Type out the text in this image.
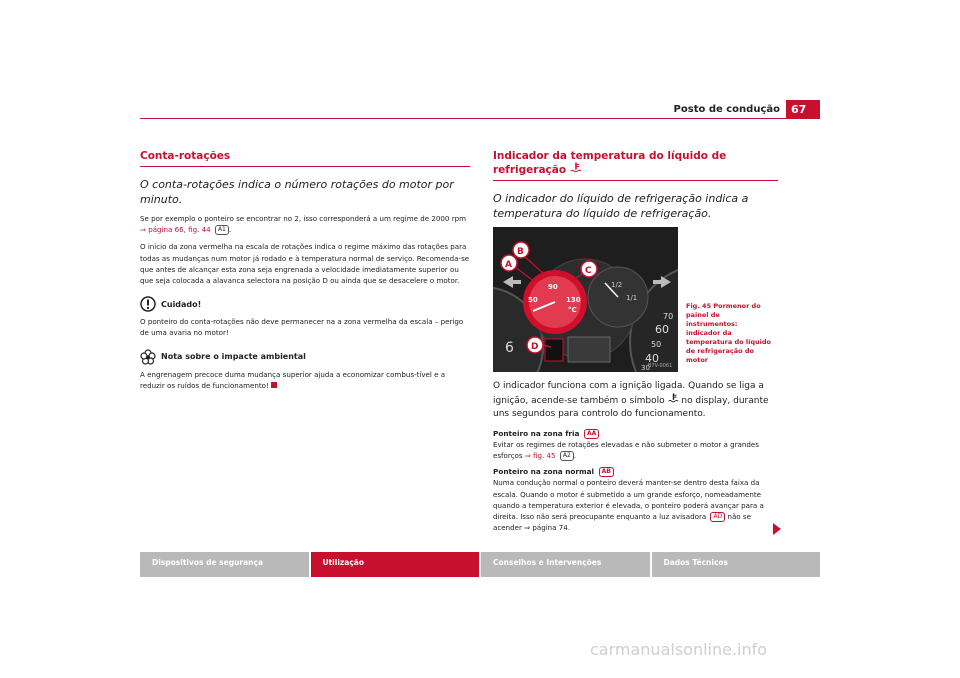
Posto de condução	67
Conta-rotações
O conta-rotações indica o número rotações do motor por minuto.

Se por exemplo o ponteiro se encontrar no 2, isso corresponderá a um regime de 2000 rpm ⇒ página 66, fig. 44 A1 .

O início da zona vermelha na escala de rotações indica o regime máximo das rotações para todas as mudanças num motor já rodado e à temperatura normal de serviço. Recomenda-se que antes de alcançar esta zona seja engrenada a velocidade imediatamente superior ou que seja colocada a alavanca selectora na posição D ou ainda que se desacelere o motor.

Cuidado!

O ponteiro do conta-rotações não deve permanecer na a zona vermelha da escala – perigo de uma avaria no motor!

Nota sobre o impacte ambiental

A engrenagem precoce duma mudança superior ajuda a economizar combus-tível e a reduzir os ruídos de funcionamento!

Indicador da temperatura do líquido de refrigeração
O indicador do líquido de refrigeração indica a temperatura do líquido de refrigeração.
6
70
60
50
40
30
1/2
1/1
50
90
130
°C
A
B
C
D
B7V-0061
Fig. 45 Pormenor do painel de instrumentos: indicador da temperatura do líquido de refrigeração do motor

O indicador funciona com a ignição ligada. Quando se liga a ignição, acende-se também o símbolo  no display, durante uns segundos para controlo do funcionamento.

Ponteiro na zona fria AA

Evitar os regimes de rotações elevadas e não submeter o motor a grandes esforços ⇒ fig. 45 A2 .

Ponteiro na zona normal AB

Numa condução normal o ponteiro deverá manter-se dentro desta faixa da escala. Quando o motor é submetido a um grande esforço, nomeadamente quando a temperatura exterior é elevada, o ponteiro poderá avançar para a direita. Isso não será preocupante enquanto a luz avisadora AD não se acender ⇒ página 74.

Dispositivos de segurança	Utilização	Conselhos e Intervenções	Dados Técnicos
carmanualsonline.info
